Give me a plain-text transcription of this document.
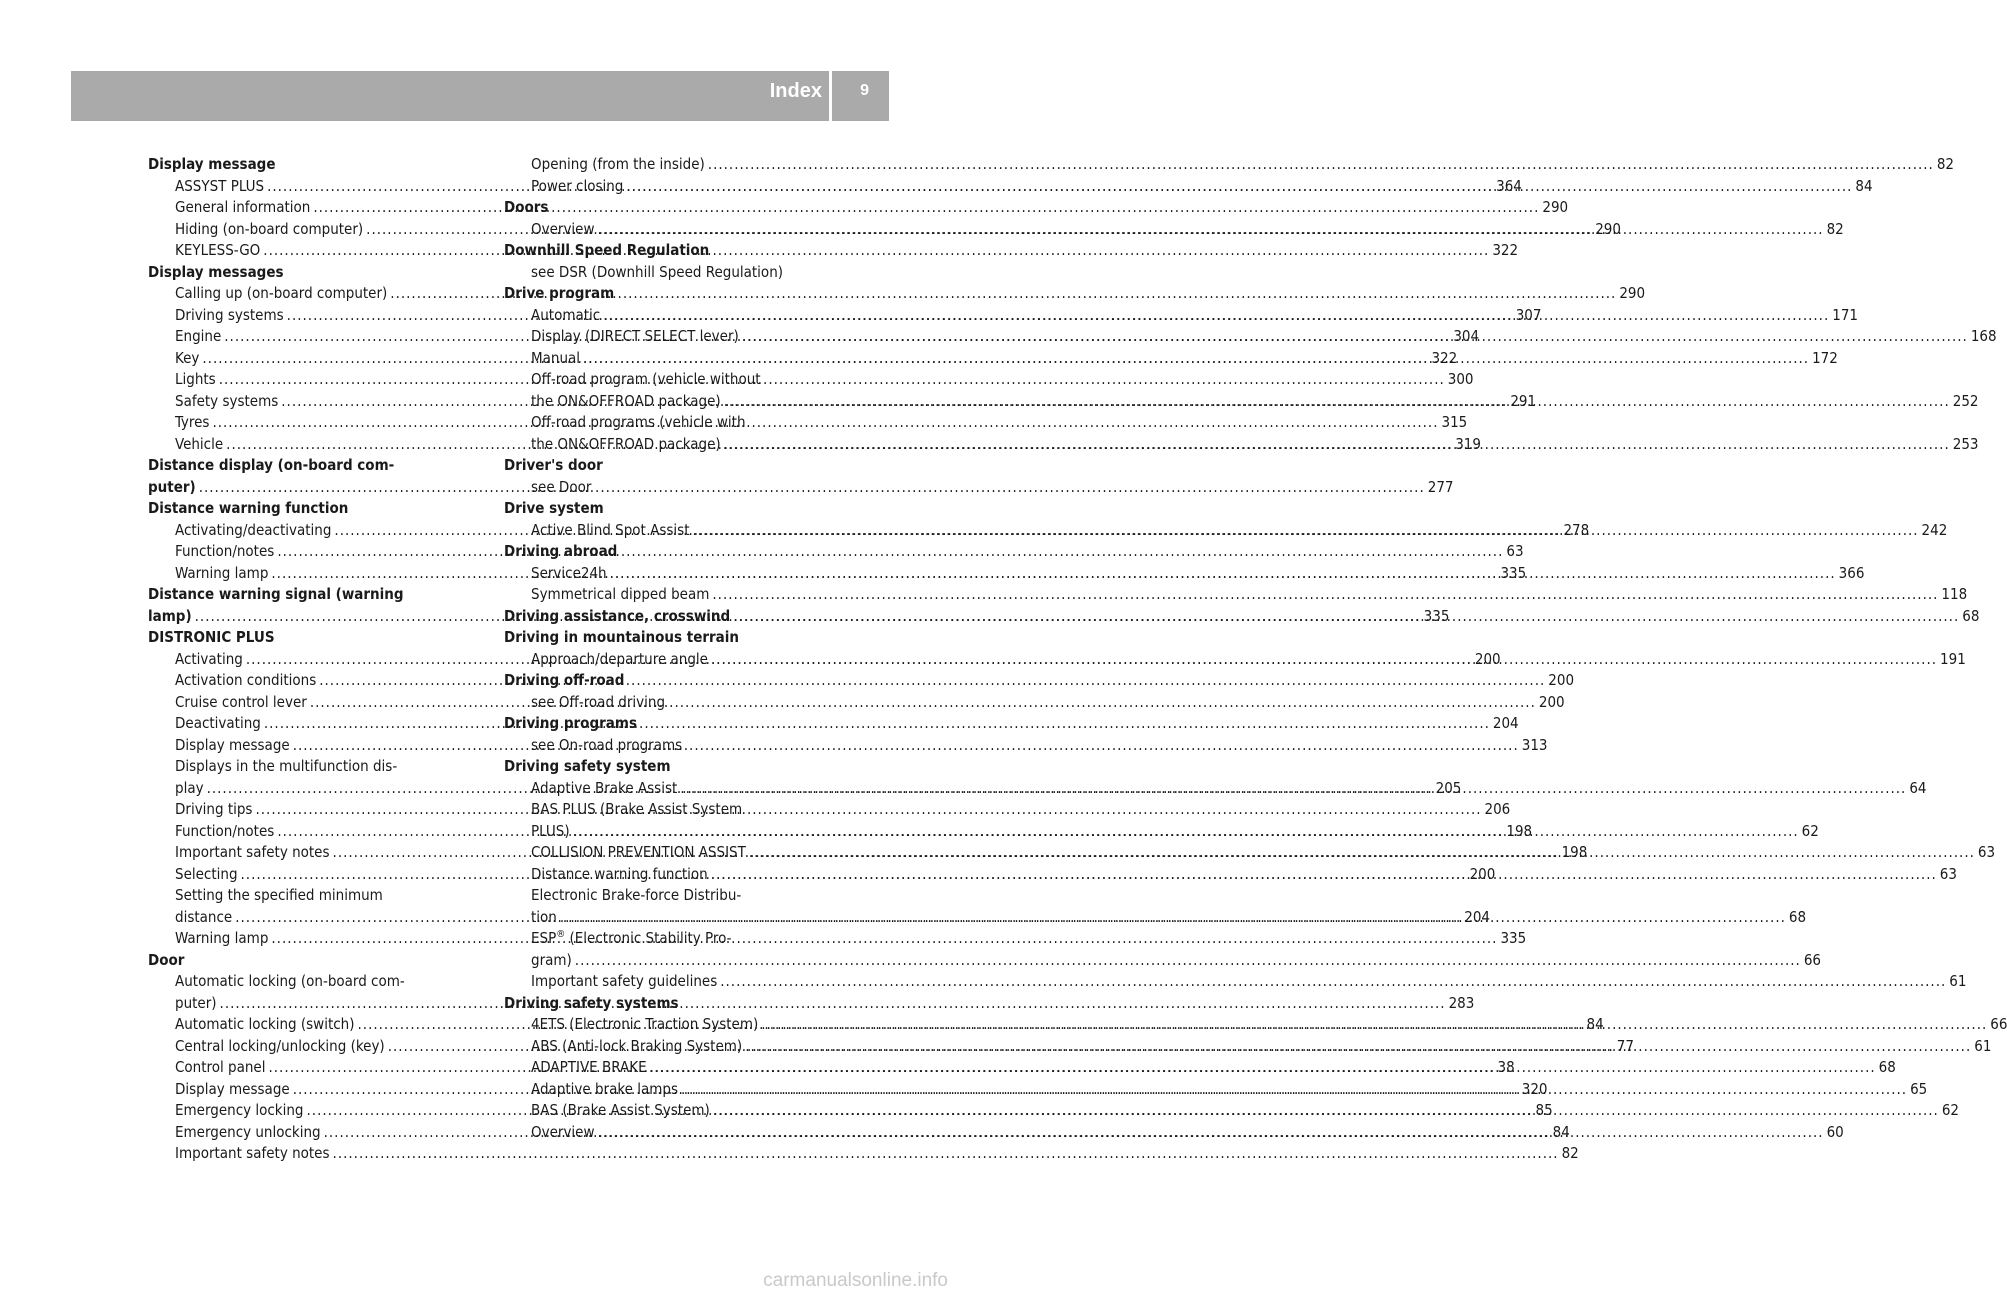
Index 9
Display message
ASSYST PLUS .....	364
General information .....	290
Hiding (on-board computer) .....	290
KEYLESS-GO .....	322
Display messages
Calling up (on-board computer) .....	290
Driving systems .....	307
Engine .....	304
Key .....	322
Lights .....	300
Safety systems .....	291
Tyres .....	315
Vehicle .....	319
Distance display (on-board com-
puter) .....	277
Distance warning function
Activating/deactivating .....	278
Function/notes .....	63
Warning lamp .....	335
Distance warning signal (warning
lamp) .....	335
DISTRONIC PLUS
Activating .....	200
Activation conditions .....	200
Cruise control lever .....	200
Deactivating .....	204
Display message .....	313
Displays in the multifunction dis-
play .....	205
Driving tips .....	206
Function/notes .....	198
Important safety notes .....	198
Selecting .....	200
Setting the specified minimum
distance .....	204
Warning lamp .....	335
Door
Automatic locking (on-board com-
puter) .....	283
Automatic locking (switch) .....	84
Central locking/unlocking (key) .....	77
Control panel .....	38
Display message .....	320
Emergency locking .....	85
Emergency unlocking .....	84
Important safety notes .....	82
Opening (from the inside) .....	82
Power closing .....	84
Doors
Overview .....	82
Downhill Speed Regulation
see DSR (Downhill Speed Regulation)
Drive program
Automatic .....	171
Display (DIRECT SELECT lever) .....	168
Manual .....	172
Off-road program (vehicle without
the ON&OFFROAD package) .....	252
Off-road programs (vehicle with
the ON&OFFROAD package) .....	253
Driver's door
see Door
Drive system
Active Blind Spot Assist .....	242
Driving abroad
Service24h .....	366
Symmetrical dipped beam .....	118
Driving assistance, crosswind .....	68
Driving in mountainous terrain
Approach/departure angle .....	191
Driving off-road
see Off-road driving
Driving programs
see On-road programs
Driving safety system
Adaptive Brake Assist .....	64
BAS PLUS (Brake Assist System
PLUS) .....	62
COLLISION PREVENTION ASSIST .....	63
Distance warning function .....	63
Electronic Brake-force Distribu-
tion .....	68
ESP® (Electronic Stability Pro-
gram) .....	66
Important safety guidelines .....	61
Driving safety systems
4ETS (Electronic Traction System) .....	66
ABS (Anti-lock Braking System) .....	61
ADAPTIVE BRAKE .....	68
Adaptive brake lamps .....	65
BAS (Brake Assist System) .....	62
Overview .....	60
carmanualsonline.info
